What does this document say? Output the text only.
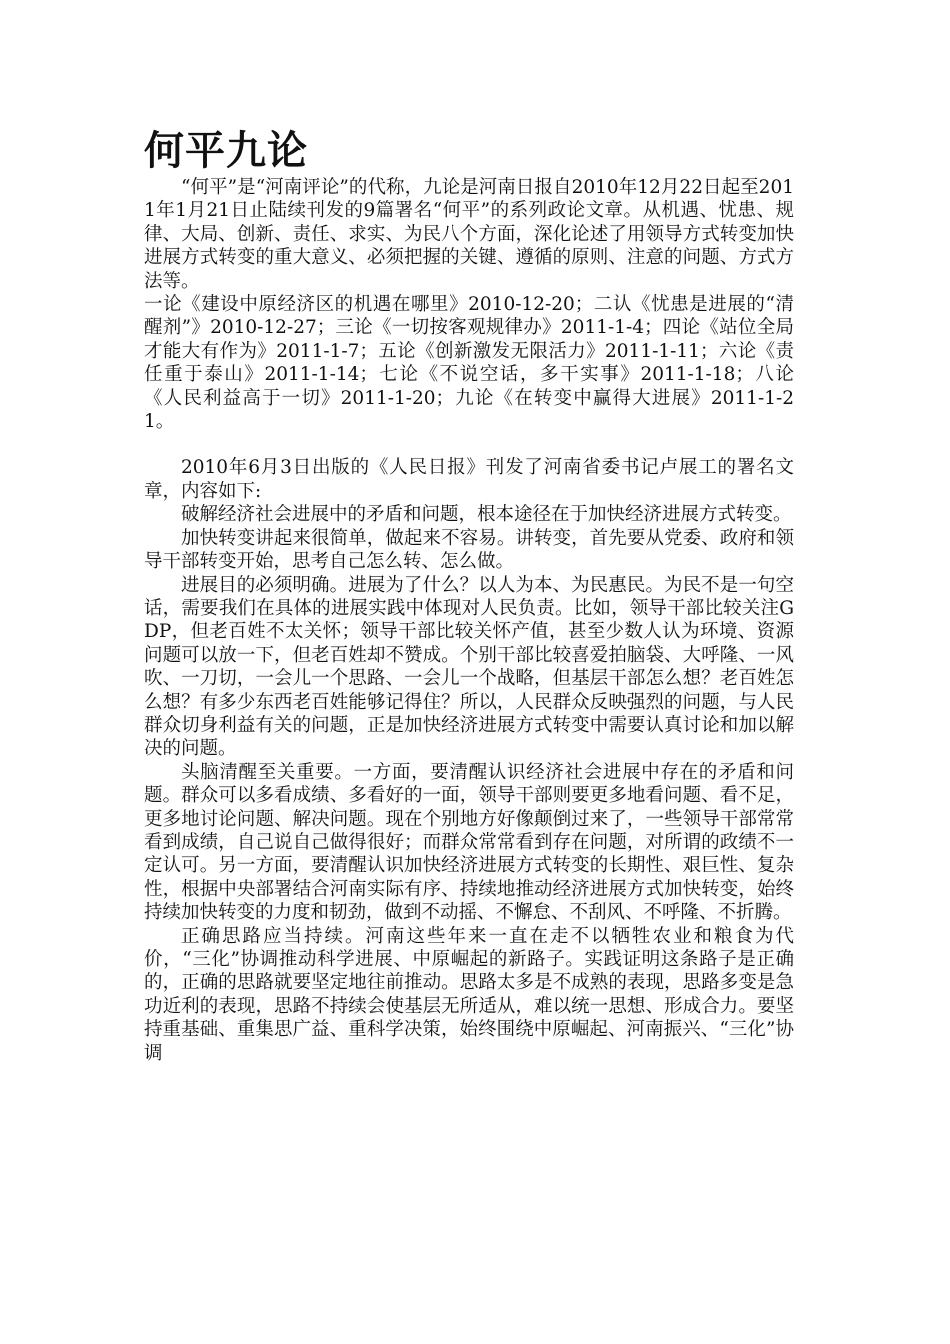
何平九论

“何平”是“河南评论”的代称，九论是河南日报自2010年12月22日起至2011年1月21日止陆续刊发的9篇署名“何平”的系列政论文章。从机遇、忧患、规律、大局、创新、责任、求实、为民八个方面，深化论述了用领导方式转变加快进展方式转变的重大意义、必须把握的关键、遵循的原则、注意的问题、方式方法等。

一论《建设中原经济区的机遇在哪里》2010-12-20；二认《忧患是进展的“清醒剂”》2010-12-27；三论《一切按客观规律办》2011-1-4；四论《站位全局才能大有作为》2011-1-7；五论《创新激发无限活力》2011-1-11；六论《责任重于泰山》2011-1-14；七论《不说空话，多干实事》2011-1-18；八论《人民利益高于一切》2011-1-20；九论《在转变中赢得大进展》2011-1-21。

2010年6月3日出版的《人民日报》刊发了河南省委书记卢展工的署名文章，内容如下:

破解经济社会进展中的矛盾和问题，根本途径在于加快经济进展方式转变。

加快转变讲起来很简单，做起来不容易。讲转变，首先要从党委、政府和领导干部转变开始，思考自己怎么转、怎么做。

进展目的必须明确。进展为了什么？以人为本、为民惠民。为民不是一句空话，需要我们在具体的进展实践中体现对人民负责。比如，领导干部比较关注GDP，但老百姓不太关怀；领导干部比较关怀产值，甚至少数人认为环境、资源问题可以放一下，但老百姓却不赞成。个别干部比较喜爱拍脑袋、大呼隆、一风吹、一刀切，一会儿一个思路、一会儿一个战略，但基层干部怎么想？老百姓怎么想？有多少东西老百姓能够记得住？所以，人民群众反映强烈的问题，与人民群众切身利益有关的问题，正是加快经济进展方式转变中需要认真讨论和加以解决的问题。

头脑清醒至关重要。一方面，要清醒认识经济社会进展中存在的矛盾和问题。群众可以多看成绩、多看好的一面，领导干部则要更多地看问题、看不足，更多地讨论问题、解决问题。现在个别地方好像颠倒过来了，一些领导干部常常看到成绩，自己说自己做得很好；而群众常常看到存在问题，对所谓的政绩不一定认可。另一方面，要清醒认识加快经济进展方式转变的长期性、艰巨性、复杂性，根据中央部署结合河南实际有序、持续地推动经济进展方式加快转变，始终持续加快转变的力度和韧劲，做到不动摇、不懈怠、不刮风、不呼隆、不折腾。

正确思路应当持续。河南这些年来一直在走不以牺牲农业和粮食为代价，“三化”协调推动科学进展、中原崛起的新路子。实践证明这条路子是正确的，正确的思路就要坚定地往前推动。思路太多是不成熟的表现，思路多变是急功近利的表现，思路不持续会使基层无所适从，难以统一思想、形成合力。要坚持重基础、重集思广益、重科学决策，始终围绕中原崛起、河南振兴、“三化”协调
